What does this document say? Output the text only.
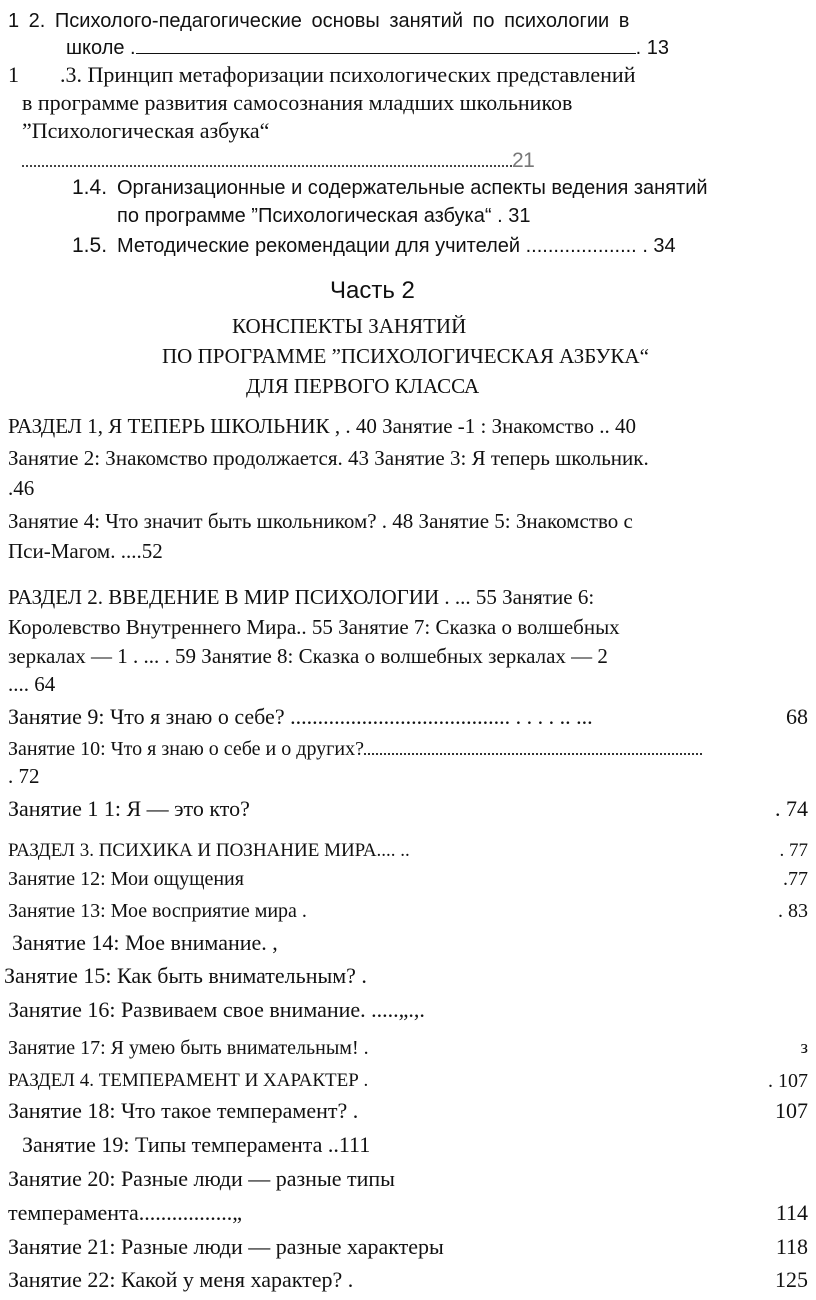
1 2. Психолого-педагогические основы занятий по психологии в
школе .	. 13
1 .3. Принцип метафоризации психологических представлений
в программе развития самосознания младших школьников
”Психологическая азбука“
21
1.4. Организационные и содержательные аспекты ведения занятий
по программе ”Психологическая азбука“ . 31
1.5. Методические рекомендации для учителей .................... . 34
Часть 2
КОНСПЕКТЫ ЗАНЯТИЙ
ПО ПРОГРАММЕ ”ПСИХОЛОГИЧЕСКАЯ АЗБУКА“
ДЛЯ ПЕРВОГО КЛАССА
РАЗДЕЛ 1, Я ТЕПЕРЬ ШКОЛЬНИК , . 40 Занятие -1 : Знакомство .. 40
Занятие 2: Знакомство продолжается. 43 Занятие 3: Я теперь школьник.
.46
Занятие 4: Что значит быть школьником? . 48 Занятие 5: Знакомство с
Пси-Магом. ....52
РАЗДЕЛ 2. ВВЕДЕНИЕ В МИР ПСИХОЛОГИИ . ... 55 Занятие 6:
Королевство Внутреннего Мира.. 55 Занятие 7: Сказка о волшебных
зеркалах — 1 . ... . 59 Занятие 8: Сказка о волшебных зеркалах — 2
.... 64
Занятие 9: Что я знаю о себе? ........................................ . . . . .. ...	68
Занятие 10: Что я знаю о себе и о других?
. 72
Занятие 1 1: Я — это кто?	. 74
РАЗДЕЛ 3. ПСИХИКА И ПОЗНАНИЕ МИРА.... ..	. 77
Занятие 12: Мои ощущения	.77
Занятие 13: Мое восприятие мира .	. 83
Занятие 14: Мое внимание. ,
Занятие 15: Как быть внимательным? .
Занятие 16: Развиваем свое внимание. .....„.,.
Занятие 17: Я умею быть внимательным! .	з
РАЗДЕЛ 4. ТЕМПЕРАМЕНТ И ХАРАКТЕР .	. 107
Занятие 18: Что такое темперамент? .	107
Занятие 19: Типы темперамента ..111
Занятие 20: Разные люди — разные типы
темперамента.................„	114
Занятие 21: Разные люди — разные характеры	118
Занятие 22: Какой у меня характер? .	125
